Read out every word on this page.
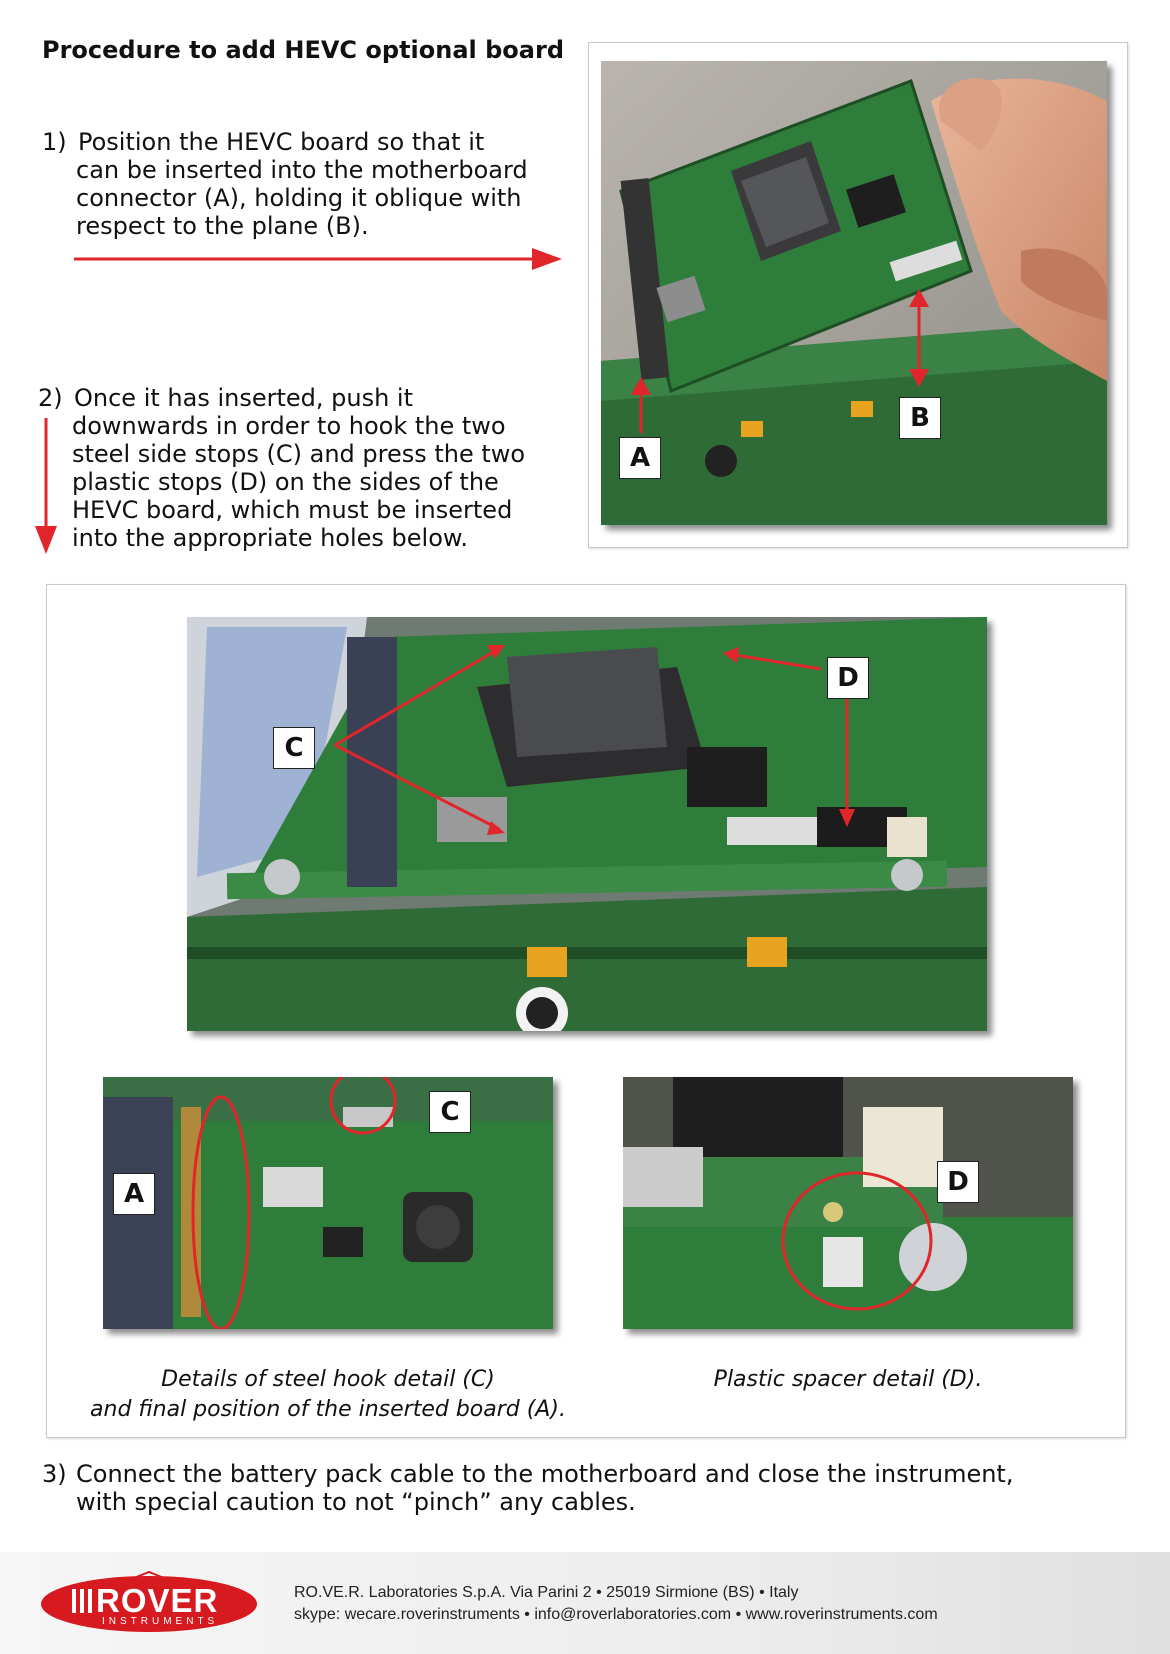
Procedure to add HEVC optional board
1) Position the HEVC board so that it
can be inserted into the motherboard
connector (A), holding it oblique with
respect to the plane (B).
2) Once it has inserted, push it
downwards in order to hook the two
steel side stops (C) and press the two
plastic stops (D) on the sides of the
HEVC board, which must be inserted
into the appropriate holes below.
A
B
C
D
A
C
D
Details of steel hook detail (C)
and final position of the inserted board (A).
Plastic spacer detail (D).
3) Connect the battery pack cable to the motherboard and close the instrument,
with special caution to not “pinch” any cables.
ROVER
INSTRUMENTS
RO.VE.R. Laboratories S.p.A. Via Parini 2 • 25019 Sirmione (BS) • Italy
skype: wecare.roverinstruments • info@roverlaboratories.com • www.roverinstruments.com
